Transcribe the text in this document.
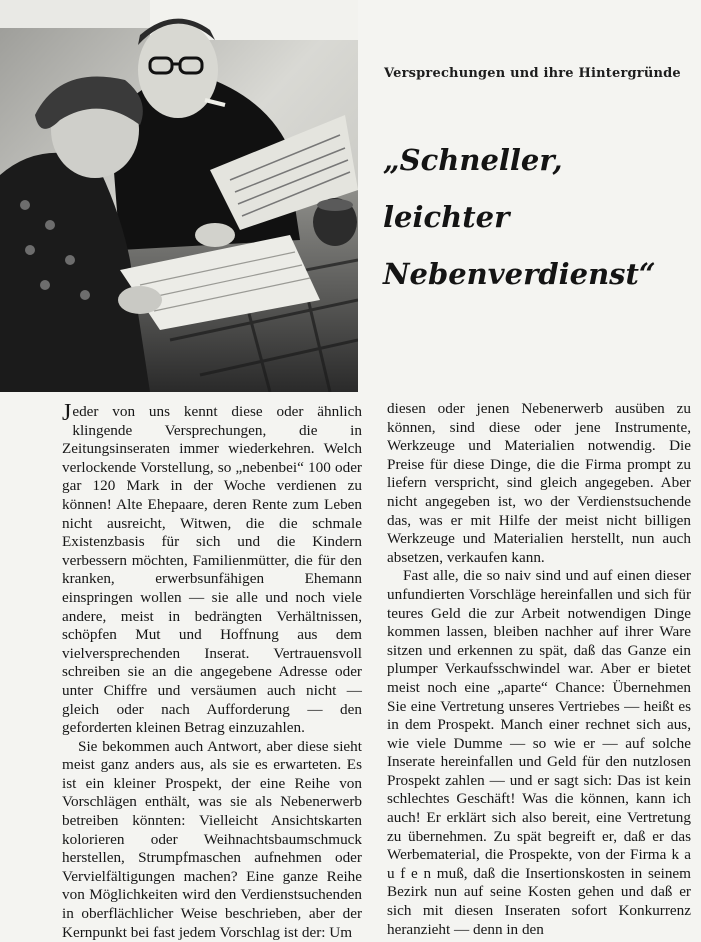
Versprechungen und ihre Hintergründe
„Schneller,
leichter
Nebenverdienst“

Jeder von uns kennt diese oder ähnlich klingende Versprechungen, die in Zeitungsinseraten immer wiederkehren. Welch verlockende Vorstellung, so „nebenbei“ 100 oder gar 120 Mark in der Woche verdienen zu können! Alte Ehepaare, deren Rente zum Leben nicht ausreicht, Witwen, die die schmale Existenzbasis für sich und die Kindern verbessern möchten, Familienmütter, die für den kranken, erwerbsunfähigen Ehemann einspringen wollen — sie alle und noch viele andere, meist in bedrängten Verhältnissen, schöpfen Mut und Hoffnung aus dem vielversprechenden Inserat. Vertrauensvoll schreiben sie an die angegebene Adresse oder unter Chiffre und versäumen auch nicht — gleich oder nach Aufforderung — den geforderten kleinen Betrag einzuzahlen.

Sie bekommen auch Antwort, aber diese sieht meist ganz anders aus, als sie es erwarteten. Es ist ein kleiner Prospekt, der eine Reihe von Vorschlägen enthält, was sie als Nebenerwerb betreiben könnten: Vielleicht Ansichtskarten kolorieren oder Weihnachtsbaumschmuck herstellen, Strumpfmaschen aufnehmen oder Vervielfältigungen machen? Eine ganze Reihe von Möglichkeiten wird den Verdienstsuchenden in oberflächlicher Weise beschrieben, aber der Kernpunkt bei fast jedem Vorschlag ist der: Um

diesen oder jenen Nebenerwerb ausüben zu können, sind diese oder jene Instrumente, Werkzeuge und Materialien notwendig. Die Preise für diese Dinge, die die Firma prompt zu liefern verspricht, sind gleich angegeben. Aber nicht angegeben ist, wo der Verdienstsuchende das, was er mit Hilfe der meist nicht billigen Werkzeuge und Materialien herstellt, nun auch absetzen, verkaufen kann.

Fast alle, die so naiv sind und auf einen dieser unfundierten Vorschläge hereinfallen und sich für teures Geld die zur Arbeit notwendigen Dinge kommen lassen, bleiben nachher auf ihrer Ware sitzen und erkennen zu spät, daß das Ganze ein plumper Verkaufsschwindel war. Aber er bietet meist noch eine „aparte“ Chance: Übernehmen Sie eine Vertretung unseres Vertriebes — heißt es in dem Prospekt. Manch einer rechnet sich aus, wie viele Dumme — so wie er — auf solche Inserate hereinfallen und Geld für den nutzlosen Prospekt zahlen — und er sagt sich: Das ist kein schlechtes Geschäft! Was die können, kann ich auch! Er erklärt sich also bereit, eine Vertretung zu übernehmen. Zu spät begreift er, daß er das Werbematerial, die Prospekte, von der Firma k a u f e n muß, daß die Insertionskosten in seinem Bezirk nun auf seine Kosten gehen und daß er sich mit diesen Inseraten sofort Konkurrenz heranzieht — denn in den
